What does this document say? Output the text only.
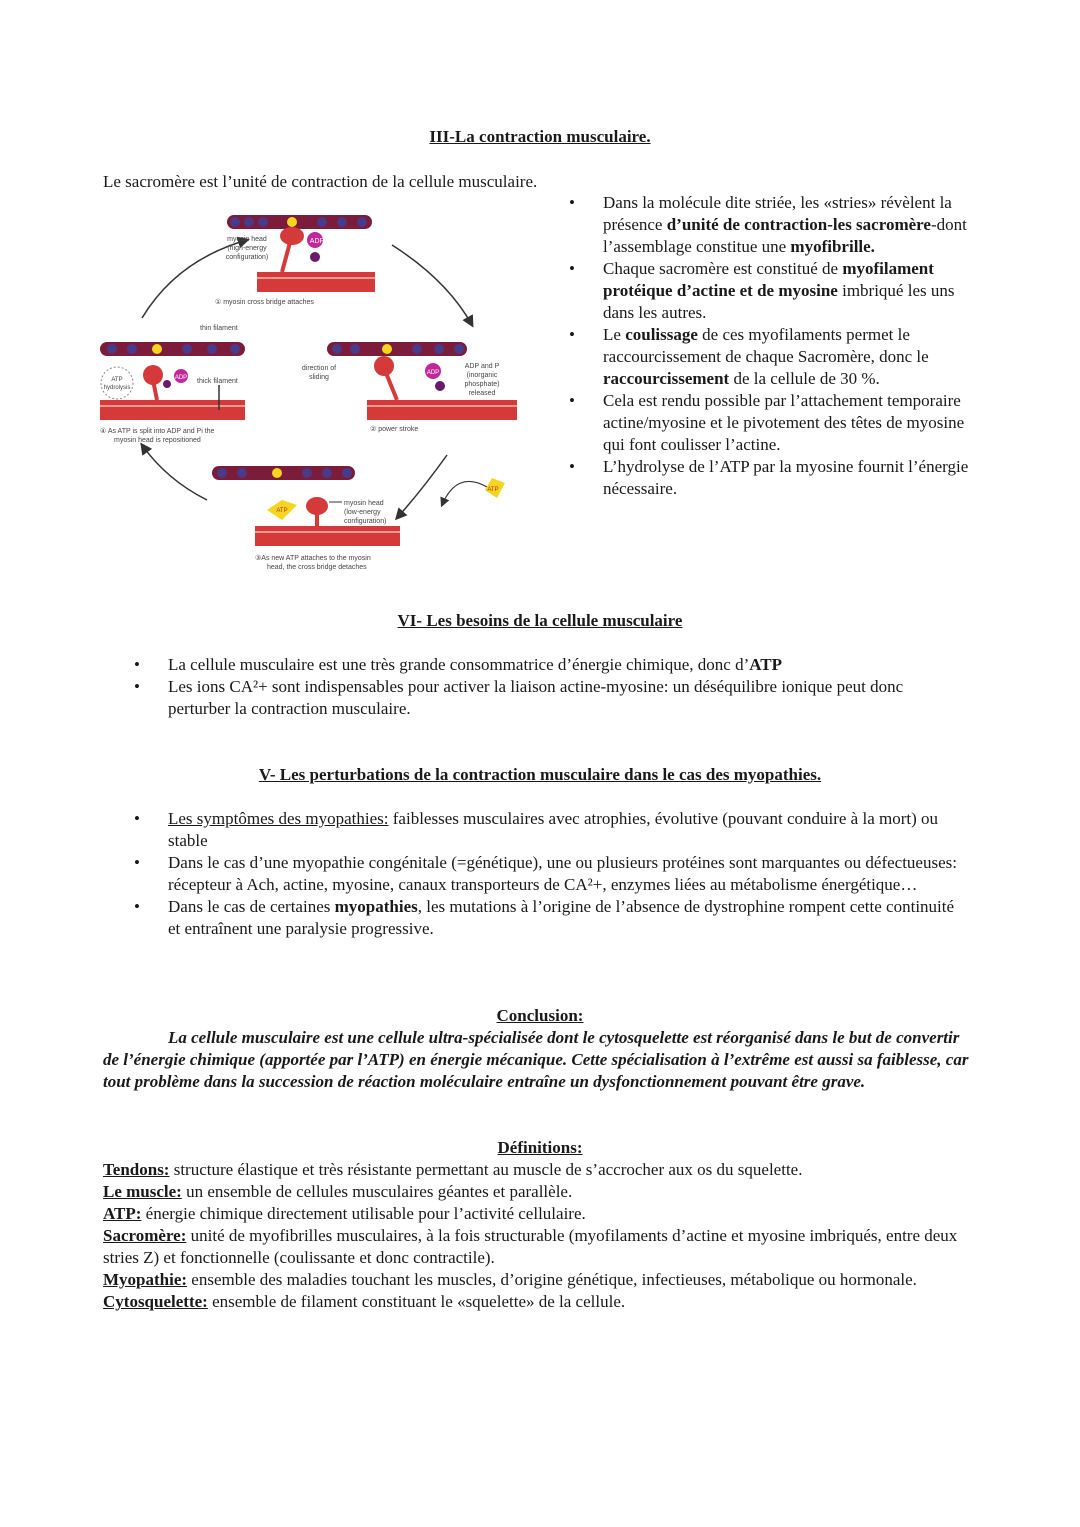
III-La contraction musculaire.
Le sacromère est l’unité de contraction de la cellule musculaire.
ADP
myosin head
(high-energy
configuration)
① myosin cross bridge attaches
thin filament
ADP thick filament
ATP
hydrolysis
④ As ATP is split into ADP and Pi the
myosin head is repositioned
direction of
sliding
ADP
ADP and P
(inorganic
phosphate)
released
② power stroke
ATP
myosin head
(low-energy
configuration)
③As new ATP attaches to the myosin
head, the cross bridge detaches
ATP
• Dans la molécule dite striée, les «stries» révèlent la présence d’unité de contraction-les sacromère-dont l’assemblage constitue une myofibrille.
• Chaque sacromère est constitué de myofilament protéique d’actine et de myosine imbriqué les uns dans les autres.
• Le coulissage de ces myofilaments permet le raccourcissement de chaque Sacromère, donc le raccourcissement de la cellule de 30 %.
• Cela est rendu possible par l’attachement temporaire actine/myosine et le pivotement des têtes de myosine qui font coulisser l’actine.
• L’hydrolyse de l’ATP par la myosine fournit l’énergie nécessaire.
VI- Les besoins de la cellule musculaire
• La cellule musculaire est une très grande consommatrice d’énergie chimique, donc d’ATP
• Les ions CA²+ sont indispensables pour activer la liaison actine-myosine: un déséquilibre ionique peut donc perturber la contraction musculaire.
V- Les perturbations de la contraction musculaire dans le cas des myopathies.
• Les symptômes des myopathies: faiblesses musculaires avec atrophies, évolutive (pouvant conduire à la mort) ou stable
• Dans le cas d’une myopathie congénitale (=génétique), une ou plusieurs protéines sont marquantes ou défectueuses: récepteur à Ach, actine, myosine, canaux transporteurs de CA²+, enzymes liées au métabolisme énergétique…
• Dans le cas de certaines myopathies, les mutations à l’origine de l’absence de dystrophine rompent cette continuité et entraînent une paralysie progressive.
Conclusion:
La cellule musculaire est une cellule ultra-spécialisée dont le cytosquelette est réorganisé dans le but de convertir de l’énergie chimique (apportée par l’ATP) en énergie mécanique. Cette spécialisation à l’extrême est aussi sa faiblesse, car tout problème dans la succession de réaction moléculaire entraîne un dysfonctionnement pouvant être grave.
Définitions:
Tendons: structure élastique et très résistante permettant au muscle de s’accrocher aux os du squelette.
Le muscle: un ensemble de cellules musculaires géantes et parallèle.
ATP: énergie chimique directement utilisable pour l’activité cellulaire.
Sacromère: unité de myofibrilles musculaires, à la fois structurable (myofilaments d’actine et myosine imbriqués, entre deux stries Z) et fonctionnelle (coulissante et donc contractile).
Myopathie: ensemble des maladies touchant les muscles, d’origine génétique, infectieuses, métabolique ou hormonale.
Cytosquelette: ensemble de filament constituant le «squelette» de la cellule.
